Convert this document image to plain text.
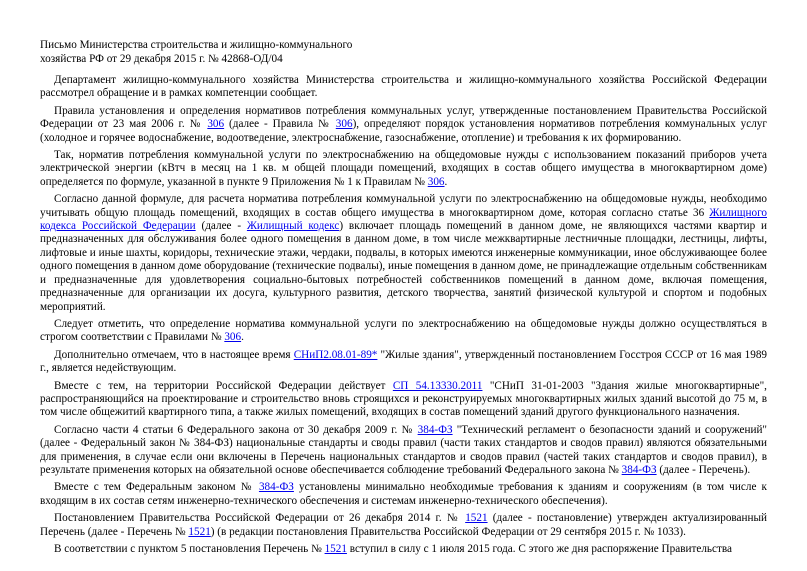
Письмо Министерства строительства и жилищно-коммунального
хозяйства РФ от 29 декабря 2015 г. № 42868-ОД/04

Департамент жилищно-коммунального хозяйства Министерства строительства и жилищно-коммунального хозяйства Российской Федерации рассмотрел обращение и в рамках компетенции сообщает.

Правила установления и определения нормативов потребления коммунальных услуг, утвержденные постановлением Правительства Российской Федерации от 23 мая 2006 г. № 306 (далее - Правила № 306), определяют порядок установления нормативов потребления коммунальных услуг (холодное и горячее водоснабжение, водоотведение, электроснабжение, газоснабжение, отопление) и требования к их формированию.

Так, норматив потребления коммунальной услуги по электроснабжению на общедомовые нужды с использованием показаний приборов учета электрической энергии (кВтч в месяц на 1 кв. м общей площади помещений, входящих в состав общего имущества в многоквартирном доме) определяется по формуле, указанной в пункте 9 Приложения № 1 к Правилам № 306.

Согласно данной формуле, для расчета норматива потребления коммунальной услуги по электроснабжению на общедомовые нужды, необходимо учитывать общую площадь помещений, входящих в состав общего имущества в многоквартирном доме, которая согласно статье 36 Жилищного кодекса Российской Федерации (далее - Жилищный кодекс) включает площадь помещений в данном доме, не являющихся частями квартир и предназначенных для обслуживания более одного помещения в данном доме, в том числе межквартирные лестничные площадки, лестницы, лифты, лифтовые и иные шахты, коридоры, технические этажи, чердаки, подвалы, в которых имеются инженерные коммуникации, иное обслуживающее более одного помещения в данном доме оборудование (технические подвалы), иные помещения в данном доме, не принадлежащие отдельным собственникам и предназначенные для удовлетворения социально-бытовых потребностей собственников помещений в данном доме, включая помещения, предназначенные для организации их досуга, культурного развития, детского творчества, занятий физической культурой и спортом и подобных мероприятий.

Следует отметить, что определение норматива коммунальной услуги по электроснабжению на общедомовые нужды должно осуществляться в строгом соответствии с Правилами № 306.

Дополнительно отмечаем, что в настоящее время СНиП2.08.01-89* "Жилые здания", утвержденный постановлением Госстроя СССР от 16 мая 1989 г., является недействующим.

Вместе с тем, на территории Российской Федерации действует СП 54.13330.2011 "СНиП 31-01-2003 "Здания жилые многоквартирные", распространяющийся на проектирование и строительство вновь строящихся и реконструируемых многоквартирных жилых зданий высотой до 75 м, в том числе общежитий квартирного типа, а также жилых помещений, входящих в состав помещений зданий другого функционального назначения.

Согласно части 4 статьи 6 Федерального закона от 30 декабря 2009 г. № 384-ФЗ "Технический регламент о безопасности зданий и сооружений" (далее - Федеральный закон № 384-ФЗ) национальные стандарты и своды правил (части таких стандартов и сводов правил) являются обязательными для применения, в случае если они включены в Перечень национальных стандартов и сводов правил (частей таких стандартов и сводов правил), в результате применения которых на обязательной основе обеспечивается соблюдение требований Федерального закона № 384-ФЗ (далее - Перечень).

Вместе с тем Федеральным законом № 384-ФЗ установлены минимально необходимые требования к зданиям и сооружениям (в том числе к входящим в их состав сетям инженерно-технического обеспечения и системам инженерно-технического обеспечения).

Постановлением Правительства Российской Федерации от 26 декабря 2014 г. № 1521 (далее - постановление) утвержден актуализированный Перечень (далее - Перечень № 1521) (в редакции постановления Правительства Российской Федерации от 29 сентября 2015 г. № 1033).

В соответствии с пунктом 5 постановления Перечень № 1521 вступил в силу с 1 июля 2015 года. С этого же дня распоряжение Правительства
